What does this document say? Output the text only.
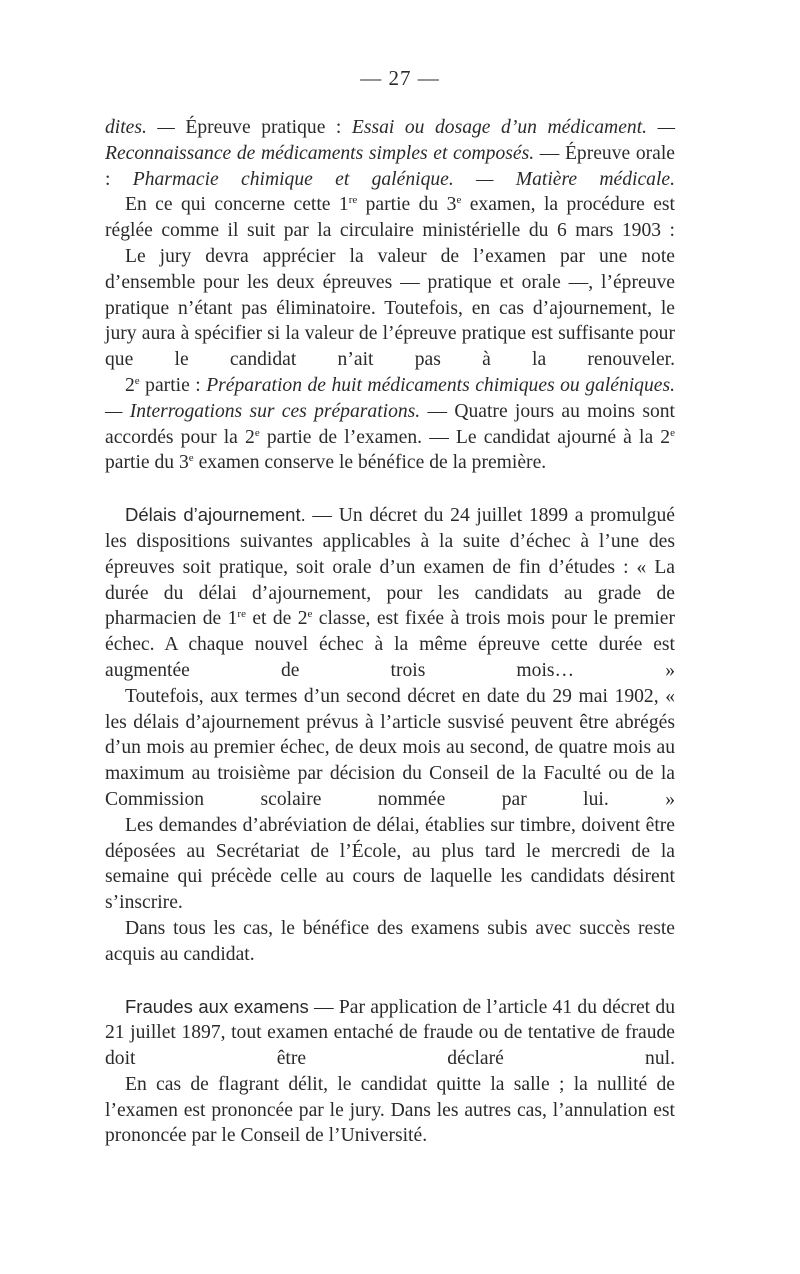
— 27 —

dites. — Épreuve pratique : Essai ou dosage d’un médicament. — Reconnaissance de médicaments simples et composés. — Épreuve orale : Pharmacie chimique et galénique. — Matière médicale.

En ce qui concerne cette 1re partie du 3e examen, la procédure est réglée comme il suit par la circulaire ministérielle du 6 mars 1903 :

Le jury devra apprécier la valeur de l’examen par une note d’ensemble pour les deux épreuves — pratique et orale —, l’épreuve pratique n’étant pas éliminatoire. Toutefois, en cas d’ajournement, le jury aura à spécifier si la valeur de l’épreuve pratique est suffisante pour que le candidat n’ait pas à la renouveler.

2e partie : Préparation de huit médicaments chimiques ou galéniques. — Interrogations sur ces préparations. — Quatre jours au moins sont accordés pour la 2e partie de l’examen. — Le candidat ajourné à la 2e partie du 3e examen conserve le bénéfice de la première.

Délais d’ajournement. — Un décret du 24 juillet 1899 a promulgué les dispositions suivantes applicables à la suite d’échec à l’une des épreuves soit pratique, soit orale d’un examen de fin d’études : « La durée du délai d’ajournement, pour les candidats au grade de pharmacien de 1re et de 2e classe, est fixée à trois mois pour le premier échec. A chaque nouvel échec à la même épreuve cette durée est augmentée de trois mois… »

Toutefois, aux termes d’un second décret en date du 29 mai 1902, « les délais d’ajournement prévus à l’article susvisé peuvent être abrégés d’un mois au premier échec, de deux mois au second, de quatre mois au maximum au troisième par décision du Conseil de la Faculté ou de la Commission scolaire nommée par lui. »

Les demandes d’abréviation de délai, établies sur timbre, doivent être déposées au Secrétariat de l’École, au plus tard le mercredi de la semaine qui précède celle au cours de laquelle les candidats désirent s’inscrire.

Dans tous les cas, le bénéfice des examens subis avec succès reste acquis au candidat.

Fraudes aux examens — Par application de l’article 41 du décret du 21 juillet 1897, tout examen entaché de fraude ou de tentative de fraude doit être déclaré nul.

En cas de flagrant délit, le candidat quitte la salle ; la nullité de l’examen est prononcée par le jury. Dans les autres cas, l’annulation est prononcée par le Conseil de l’Université.
